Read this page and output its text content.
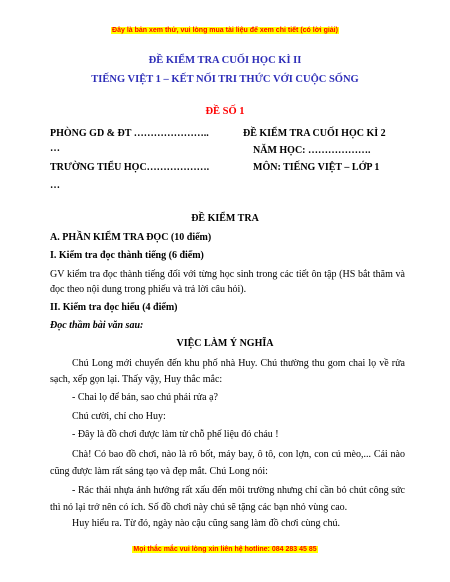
Đây là bản xem thử, vui lòng mua tài liệu để xem chi tiết (có lời giải)
ĐỀ KIỂM TRA CUỐI HỌC KÌ II
TIẾNG VIỆT 1 – KẾT NỐI TRI THỨC VỚI CUỘC SỐNG
ĐỀ SỐ 1
PHÒNG GD & ĐT …………………..
…
TRƯỜNG TIỂU HỌC……………….
…
ĐỀ KIỂM TRA CUỐI HỌC KÌ 2
NĂM HỌC: ……………….
MÔN: TIẾNG VIỆT – LỚP 1
ĐỀ KIỂM TRA
A. PHẦN KIỂM TRA ĐỌC (10 điểm)
I. Kiểm tra đọc thành tiếng (6 điểm)
GV kiểm tra đọc thành tiếng đối với từng học sinh trong các tiết ôn tập (HS bắt thăm và đọc theo nội dung trong phiếu và trả lời câu hỏi).
II. Kiểm tra đọc hiểu (4 điểm)
Đọc thầm bài văn sau:
VIỆC LÀM Ý NGHĨA
Chú Long mới chuyển đến khu phố nhà Huy. Chú thường thu gom chai lọ về rửa sạch, xếp gọn lại. Thấy vậy, Huy thắc mắc:
- Chai lọ để bán, sao chú phải rửa ạ?
Chú cười, chỉ cho Huy:
- Đây là đồ chơi được làm từ chỗ phế liệu đó cháu !
Chà! Có bao đồ chơi, nào là rô bốt, máy bay, ô tô, con lợn, con cú mèo,... Cái nào cũng được làm rất sáng tạo và đẹp mắt. Chú Long nói:
- Rác thải nhựa ảnh hưởng rất xấu đến môi trường nhưng chỉ cần bỏ chút công sức thì nó lại trở nên có ích. Số đồ chơi này chú sẽ tặng các bạn nhỏ vùng cao.
Huy hiểu ra. Từ đó, ngày nào cậu cũng sang làm đồ chơi cùng chú.
Mọi thắc mắc vui lòng xin liên hệ hotline: 084 283 45 85
